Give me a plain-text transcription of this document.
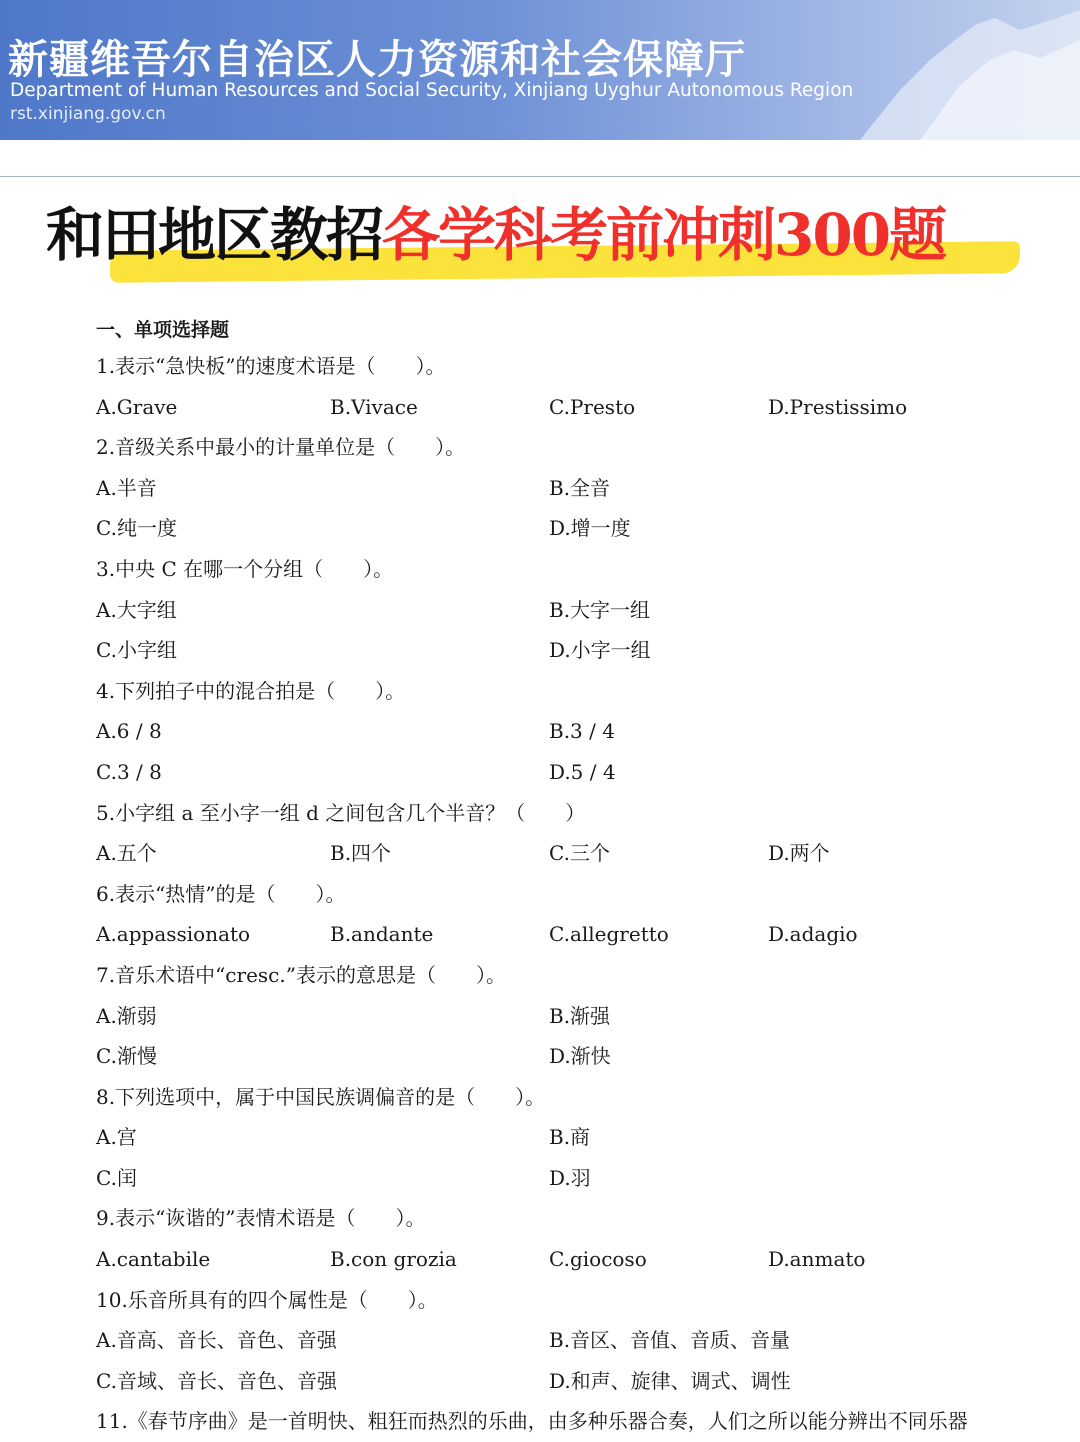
新疆维吾尔自治区人力资源和社会保障厅
Department of Human Resources and Social Security, Xinjiang Uyghur Autonomous Region
rst.xinjiang.gov.cn
和田地区教招各学科考前冲刺300题
一、单项选择题
1.表示“急快板”的速度术语是（　　）。
A.Grave	B.Vivace	C.Presto	D.Prestissimo
2.音级关系中最小的计量单位是（　　）。
A.半音	B.全音
C.纯一度	D.增一度
3.中央 C 在哪一个分组（　　）。
A.大字组	B.大字一组
C.小字组	D.小字一组
4.下列拍子中的混合拍是（　　）。
A.6 / 8	B.3 / 4
C.3 / 8	D.5 / 4
5.小字组 a 至小字一组 d 之间包含几个半音？（　　）
A.五个	B.四个	C.三个	D.两个
6.表示“热情”的是（　　）。
A.appassionato	B.andante	C.allegretto	D.adagio
7.音乐术语中“cresc.”表示的意思是（　　）。
A.渐弱	B.渐强
C.渐慢	D.渐快
8.下列选项中，属于中国民族调偏音的是（　　）。
A.宫	B.商
C.闰	D.羽
9.表示“诙谐的”表情术语是（　　）。
A.cantabile	B.con grozia	C.giocoso	D.anmato
10.乐音所具有的四个属性是（　　）。
A.音高、音长、音色、音强	B.音区、音值、音质、音量
C.音域、音长、音色、音强	D.和声、旋律、调式、调性
11.《春节序曲》是一首明快、粗狂而热烈的乐曲，由多种乐器合奏，人们之所以能分辨出不同乐器
